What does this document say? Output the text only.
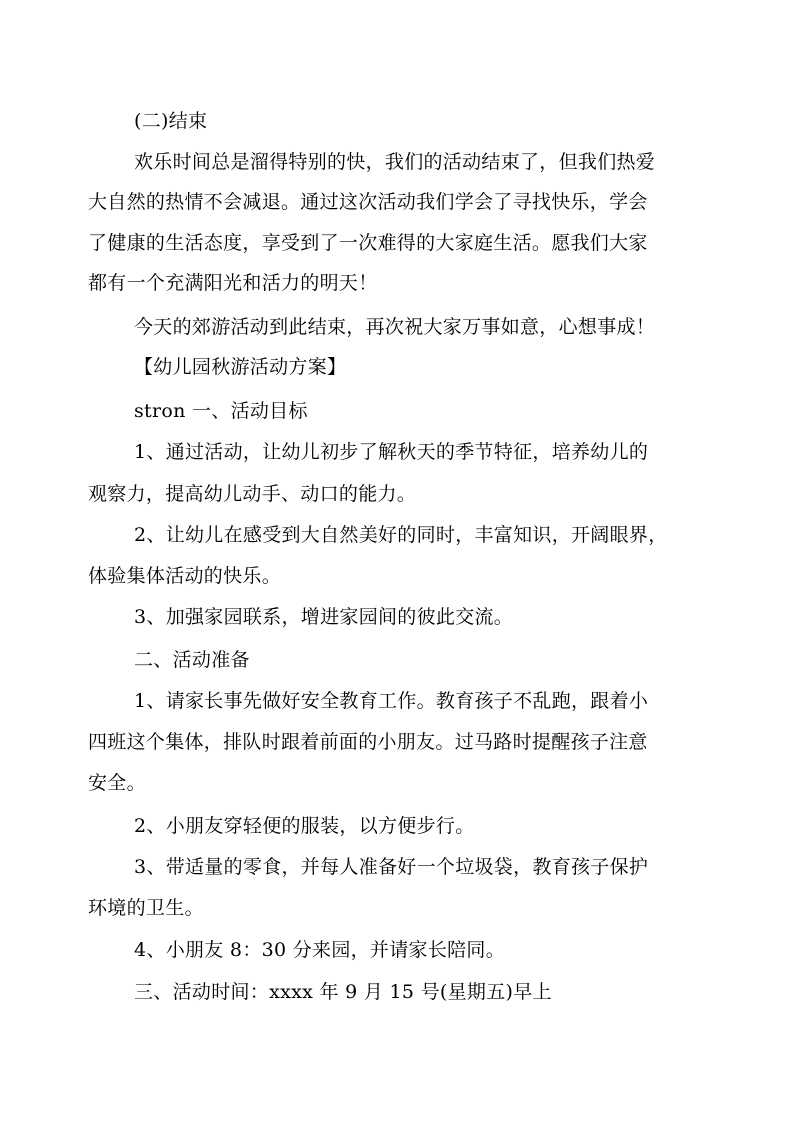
(二)结束
欢乐时间总是溜得特别的快，我们的活动结束了，但我们热爱
大自然的热情不会减退。通过这次活动我们学会了寻找快乐，学会
了健康的生活态度，享受到了一次难得的大家庭生活。愿我们大家
都有一个充满阳光和活力的明天！
今天的郊游活动到此结束，再次祝大家万事如意，心想事成！
【幼儿园秋游活动方案】
stron 一、活动目标
1、通过活动，让幼儿初步了解秋天的季节特征，培养幼儿的
观察力，提高幼儿动手、动口的能力。
2、让幼儿在感受到大自然美好的同时，丰富知识，开阔眼界，
体验集体活动的快乐。
3、加强家园联系，增进家园间的彼此交流。
二、活动准备
1、请家长事先做好安全教育工作。教育孩子不乱跑，跟着小
四班这个集体，排队时跟着前面的小朋友。过马路时提醒孩子注意
安全。
2、小朋友穿轻便的服装，以方便步行。
3、带适量的零食，并每人准备好一个垃圾袋，教育孩子保护
环境的卫生。
4、小朋友 8：30 分来园，并请家长陪同。
三、活动时间：xxxx 年 9 月 15 号(星期五)早上
